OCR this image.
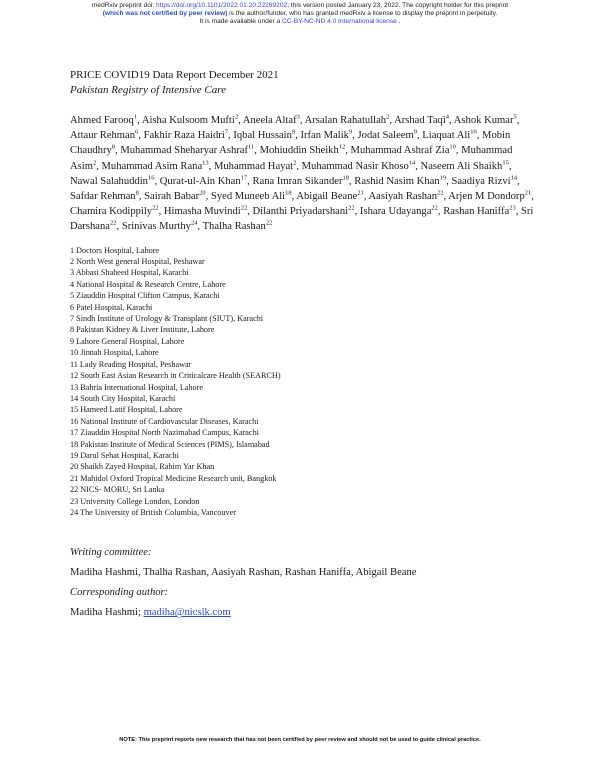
medRxiv preprint doi: https://doi.org/10.1101/2022.01.20.22269202; this version posted January 23, 2022. The copyright holder for this preprint
(which was not certified by peer review) is the author/funder, who has granted medRxiv a license to display the preprint in perpetuity.
It is made available under a CC-BY-NC-ND 4.0 International license .

PRICE COVID19 Data Report December 2021

Pakistan Registry of Intensive Care

Ahmed Farooq$^1$, Aisha Kulsoom Mufti$^2$, Aneela Altaf$^3$, Arsalan Rahatullah$^2$, Arshad Taqi$^4$, Ashok Kumar$^5$, Attaur Rehman$^6$, Fakhir Raza Haidri$^7$, Iqbal Hussain$^8$, Irfan Malik$^9$, Jodat Saleem$^9$, Liaquat Ali$^{10}$, Mobin Chaudhry$^8$, Muhammad Sheharyar Ashraf$^{11}$, Mohiuddin Sheikh$^{12}$, Muhammad Ashraf Zia$^{10}$, Muhammad Asim$^2$, Muhammad Asim Rana$^{13}$, Muhammad Hayat$^2$, Muhammad Nasir Khoso$^{14}$, Naseem Ali Shaikh$^{15}$, Nawal Salahuddin$^{16}$, Qurat-ul-Ain Khan$^{17}$, Rana Imran Sikander$^{18}$, Rashid Nasim Khan$^{19}$, Saadiya Rizvi$^{14}$, Safdar Rehman$^8$, Sairah Babar$^{20}$, Syed Muneeb Ali$^{18}$, Abigail Beane$^{21}$, Aasiyah Rashan$^{22}$, Arjen M Dondorp$^{21}$, Chamira Kodippily$^{22}$, Himasha Muvindi$^{22}$, Dilanthi Priyadarshani$^{22}$, Ishara Udayanga$^{22}$, Rashan Haniffa$^{23}$, Sri Darshana$^{22}$, Srinivas Murthy$^{24}$, Thalha Rashan$^{22}$
1 Doctors Hospital, Lahore
2 North West general Hospital, Peshawar
3 Abbasi Shaheed Hospital, Karachi
4 National Hospital & Research Centre, Lahore
5 Ziauddin Hospital Clifton Campus, Karachi
6 Patel Hospital, Karachi
7 Sindh Institute of Urology & Transplant (SIUT), Karachi
8 Pakistan Kidney & Liver Institute, Lahore
9 Lahore General Hospital, Lahore
10 Jinnah Hospital, Lahore
11 Lady Reading Hospital, Peshawar
12 South East Asian Research in Criticalcare Health (SEARCH)
13 Bahria International Hospital, Lahore
14 South City Hospital, Karachi
15 Hameed Latif Hospital, Lahore
16 National Institute of Cardiovascular Diseases, Karachi
17 Ziauddin Hospital North Nazimabad Campus, Karachi
18 Pakistan Institute of Medical Sciences (PIMS), Islamabad
19 Darul Sehat Hospital, Karachi
20 Shaikh Zayed Hospital, Rahim Yar Khan
21 Mahidol Oxford Tropical Medicine Research unit, Bangkok
22 NICS- MORU, Sri Lanka
23 University College London, London
24 The University of British Columbia, Vancouver
Writing committee:
Madiha Hashmi, Thalha Rashan, Aasiyah Rashan, Rashan Haniffa, Abigail Beane
Corresponding author:
Madiha Hashmi; madiha@nicslk.com
NOTE: This preprint reports new research that has not been certified by peer review and should not be used to guide clinical practice.
